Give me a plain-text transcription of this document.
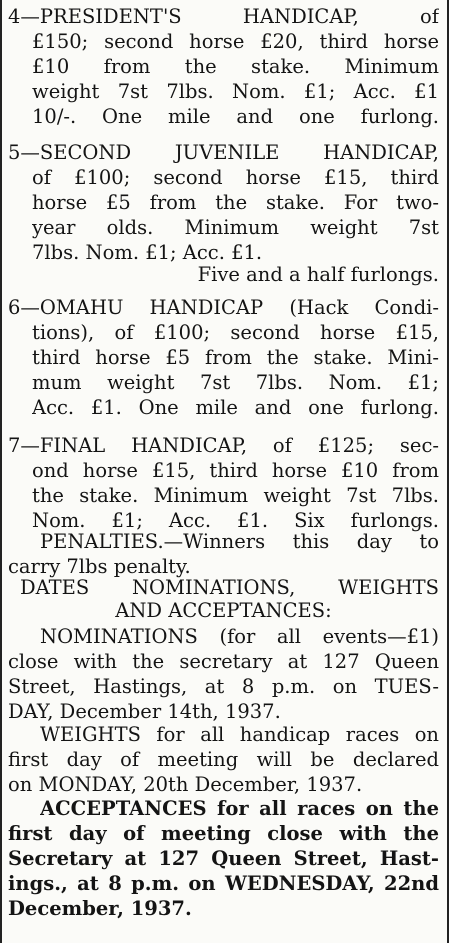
4—PRESIDENT'S HANDICAP, of
£150; second horse £20, third horse
£10 from the stake. Minimum
weight 7st 7lbs. Nom. £1; Acc. £1
10/-. One mile and one furlong.
5—SECOND JUVENILE HANDICAP,
of £100; second horse £15, third
horse £5 from the stake. For two-
year olds. Minimum weight 7st
7lbs. Nom. £1; Acc. £1.
Five and a half furlongs.
6—OMAHU HANDICAP (Hack Condi-
tions), of £100; second horse £15,
third horse £5 from the stake. Mini-
mum weight 7st 7lbs. Nom. £1;
Acc. £1. One mile and one furlong.
7—FINAL HANDICAP, of £125; sec-
ond horse £15, third horse £10 from
the stake. Minimum weight 7st 7lbs.
Nom. £1; Acc. £1. Six furlongs.
PENALTIES.—Winners this day to
carry 7lbs penalty.
DATES NOMINATIONS, WEIGHTS
AND ACCEPTANCES:
NOMINATIONS (for all events—£1)
close with the secretary at 127 Queen
Street, Hastings, at 8 p.m. on TUES-
DAY, December 14th, 1937.
WEIGHTS for all handicap races on
first day of meeting will be declared
on MONDAY, 20th December, 1937.
ACCEPTANCES for all races on the
first day of meeting close with the
Secretary at 127 Queen Street, Hast-
ings., at 8 p.m. on WEDNESDAY, 22nd
December, 1937.
